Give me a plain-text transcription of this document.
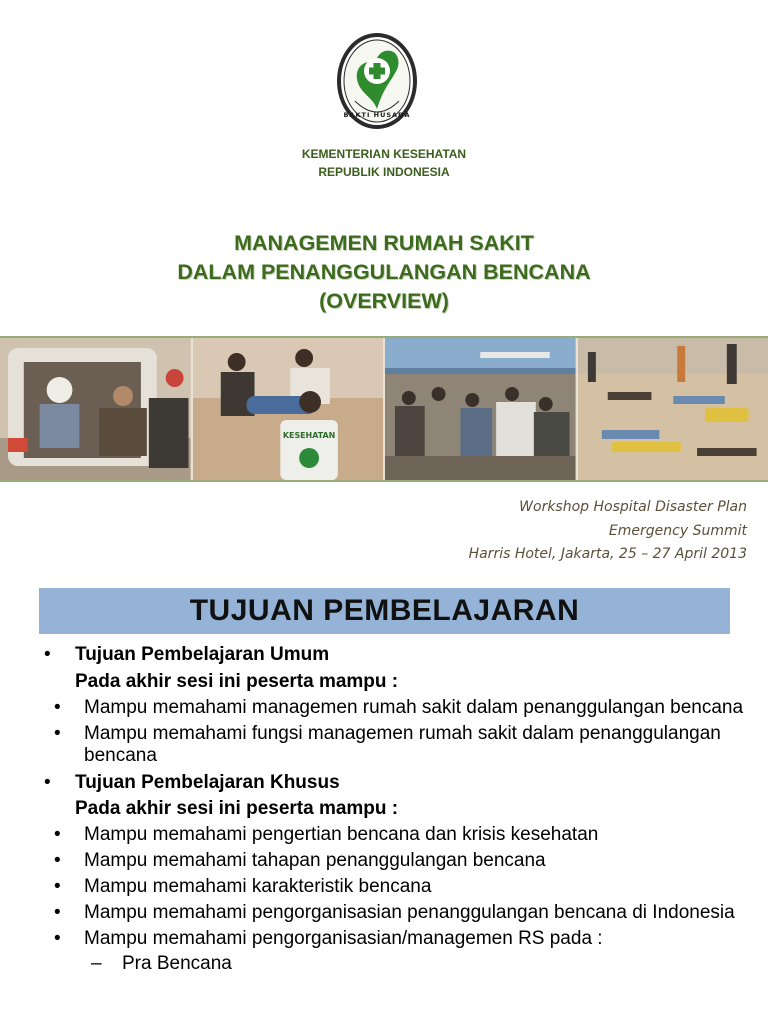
BAKTI HUSADA
KEMENTERIAN KESEHATAN
REPUBLIK INDONESIA
MANAGEMEN RUMAH SAKIT
DALAM PENANGGULANGAN BENCANA
(OVERVIEW)
KESEHATAN
Workshop Hospital Disaster Plan
Emergency Summit
Harris Hotel, Jakarta, 25 – 27 April 2013
TUJUAN PEMBELAJARAN
• Tujuan Pembelajaran Umum
Pada akhir sesi ini peserta mampu :
• Mampu memahami managemen rumah sakit dalam penanggulangan bencana
• Mampu memahami fungsi managemen rumah sakit dalam penanggulangan bencana
• Tujuan Pembelajaran Khusus
Pada akhir sesi ini peserta mampu :
• Mampu memahami pengertian bencana dan krisis kesehatan
• Mampu memahami tahapan penanggulangan bencana
• Mampu memahami karakteristik bencana
• Mampu memahami pengorganisasian penanggulangan bencana di Indonesia
• Mampu memahami pengorganisasian/managemen RS pada :
– Pra Bencana
